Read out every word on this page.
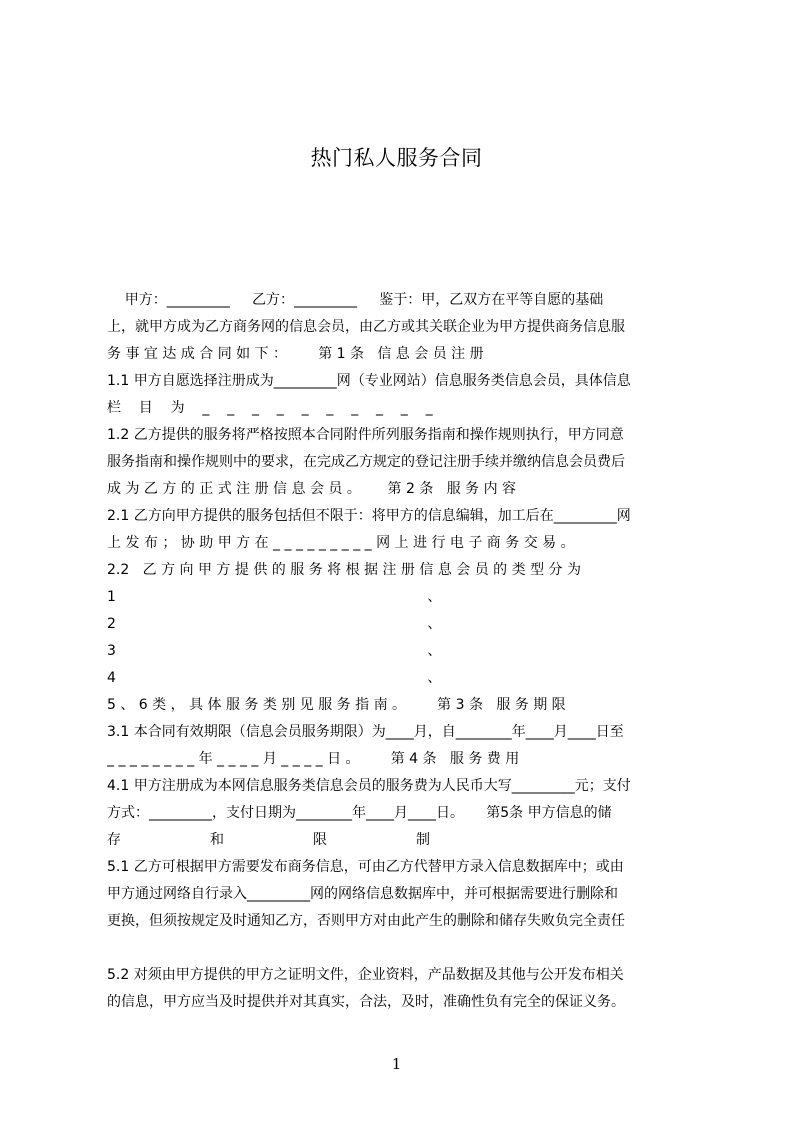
热门私人服务合同
甲方：_________     乙方：_________     鉴于：甲，乙双方在平等自愿的基础
上，就甲方成为乙方商务网的信息会员，由乙方或其关联企业为甲方提供商务信息服
务 事 宜 达 成 合 同 如 下 ：       第 1 条   信 息 会 员 注 册
1.1 甲方自愿选择注册成为_________网（专业网站）信息服务类信息会员，具体信息
栏    目    为    _    _    _    _    _    _    _    _    _    _
1.2 乙方提供的服务将严格按照本合同附件所列服务指南和操作规则执行，甲方同意
服务指南和操作规则中的要求，在完成乙方规定的登记注册手续并缴纳信息会员费后
成 为 乙 方 的 正 式 注 册 信 息 会 员 。      第 2 条   服 务 内 容
2.1 乙方向甲方提供的服务包括但不限于：将甲方的信息编辑，加工后在_________网
上 发 布 ； 协 助 甲 方 在 _ _ _ _ _ _ _ _ _ 网 上 进 行 电 子 商 务 交 易 。
2.2   乙 方 向 甲 方 提 供 的 服 务 将 根 据 注 册 信 息 会 员 的 类 型 分 为
1                                                                      、
2                                                                      、
3                                                                      、
4                                                                      、
5 、 6 类 ， 具 体 服 务 类 别 见 服 务 指 南 。       第 3 条   服 务 期 限
3.1 本合同有效期限（信息会员服务期限）为____月，自________年____月____日至
_ _ _ _ _ _ _ _ 年 _ _ _ _ 月 _ _ _ _ 日 。       第 4 条   服 务 费 用
4.1 甲方注册成为本网信息服务类信息会员的服务费为人民币大写_________元；支付
方式：_________，支付日期为________年____月____日。     第5条 甲方信息的储
存                    和                    限                    制
5.1 乙方可根据甲方需要发布商务信息，可由乙方代替甲方录入信息数据库中；或由
甲方通过网络自行录入_________网的网络信息数据库中，并可根据需要进行删除和
更换，但须按规定及时通知乙方，否则甲方对由此产生的删除和储存失败负完全责任
5.2 对须由甲方提供的甲方之证明文件，企业资料，产品数据及其他与公开发布相关
的信息，甲方应当及时提供并对其真实，合法，及时，准确性负有完全的保证义务。
1
